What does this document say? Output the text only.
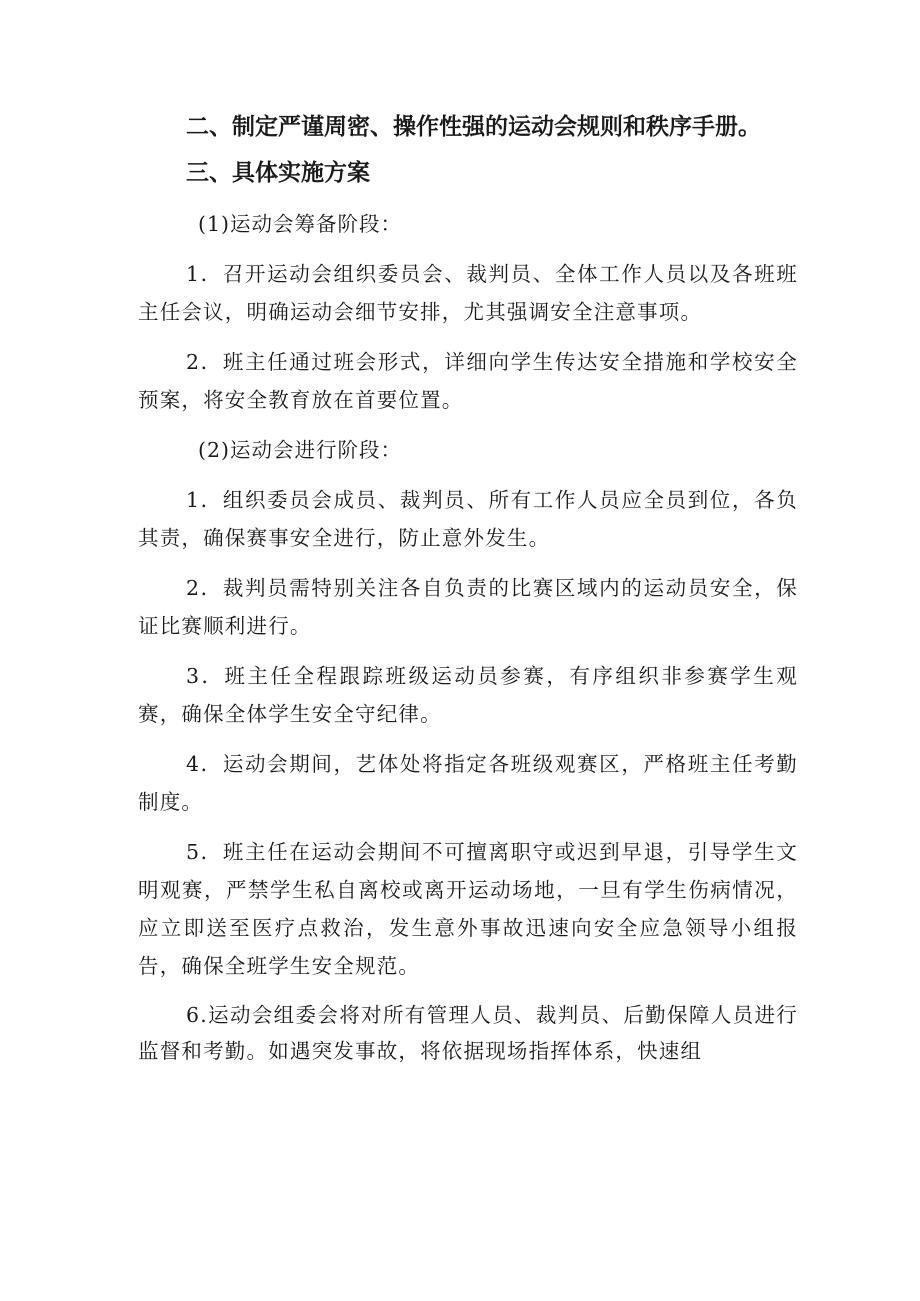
二、制定严谨周密、操作性强的运动会规则和秩序手册。

三、具体实施方案

(1)运动会筹备阶段：

1．召开运动会组织委员会、裁判员、全体工作人员以及各班班主任会议，明确运动会细节安排，尤其强调安全注意事项。

2．班主任通过班会形式，详细向学生传达安全措施和学校安全预案，将安全教育放在首要位置。

(2)运动会进行阶段：

1．组织委员会成员、裁判员、所有工作人员应全员到位，各负其责，确保赛事安全进行，防止意外发生。

2．裁判员需特别关注各自负责的比赛区域内的运动员安全，保证比赛顺利进行。

3．班主任全程跟踪班级运动员参赛，有序组织非参赛学生观赛，确保全体学生安全守纪律。

4．运动会期间，艺体处将指定各班级观赛区，严格班主任考勤制度。

5．班主任在运动会期间不可擅离职守或迟到早退，引导学生文明观赛，严禁学生私自离校或离开运动场地，一旦有学生伤病情况，应立即送至医疗点救治，发生意外事故迅速向安全应急领导小组报告，确保全班学生安全规范。

6.运动会组委会将对所有管理人员、裁判员、后勤保障人员进行监督和考勤。如遇突发事故，将依据现场指挥体系，快速组
